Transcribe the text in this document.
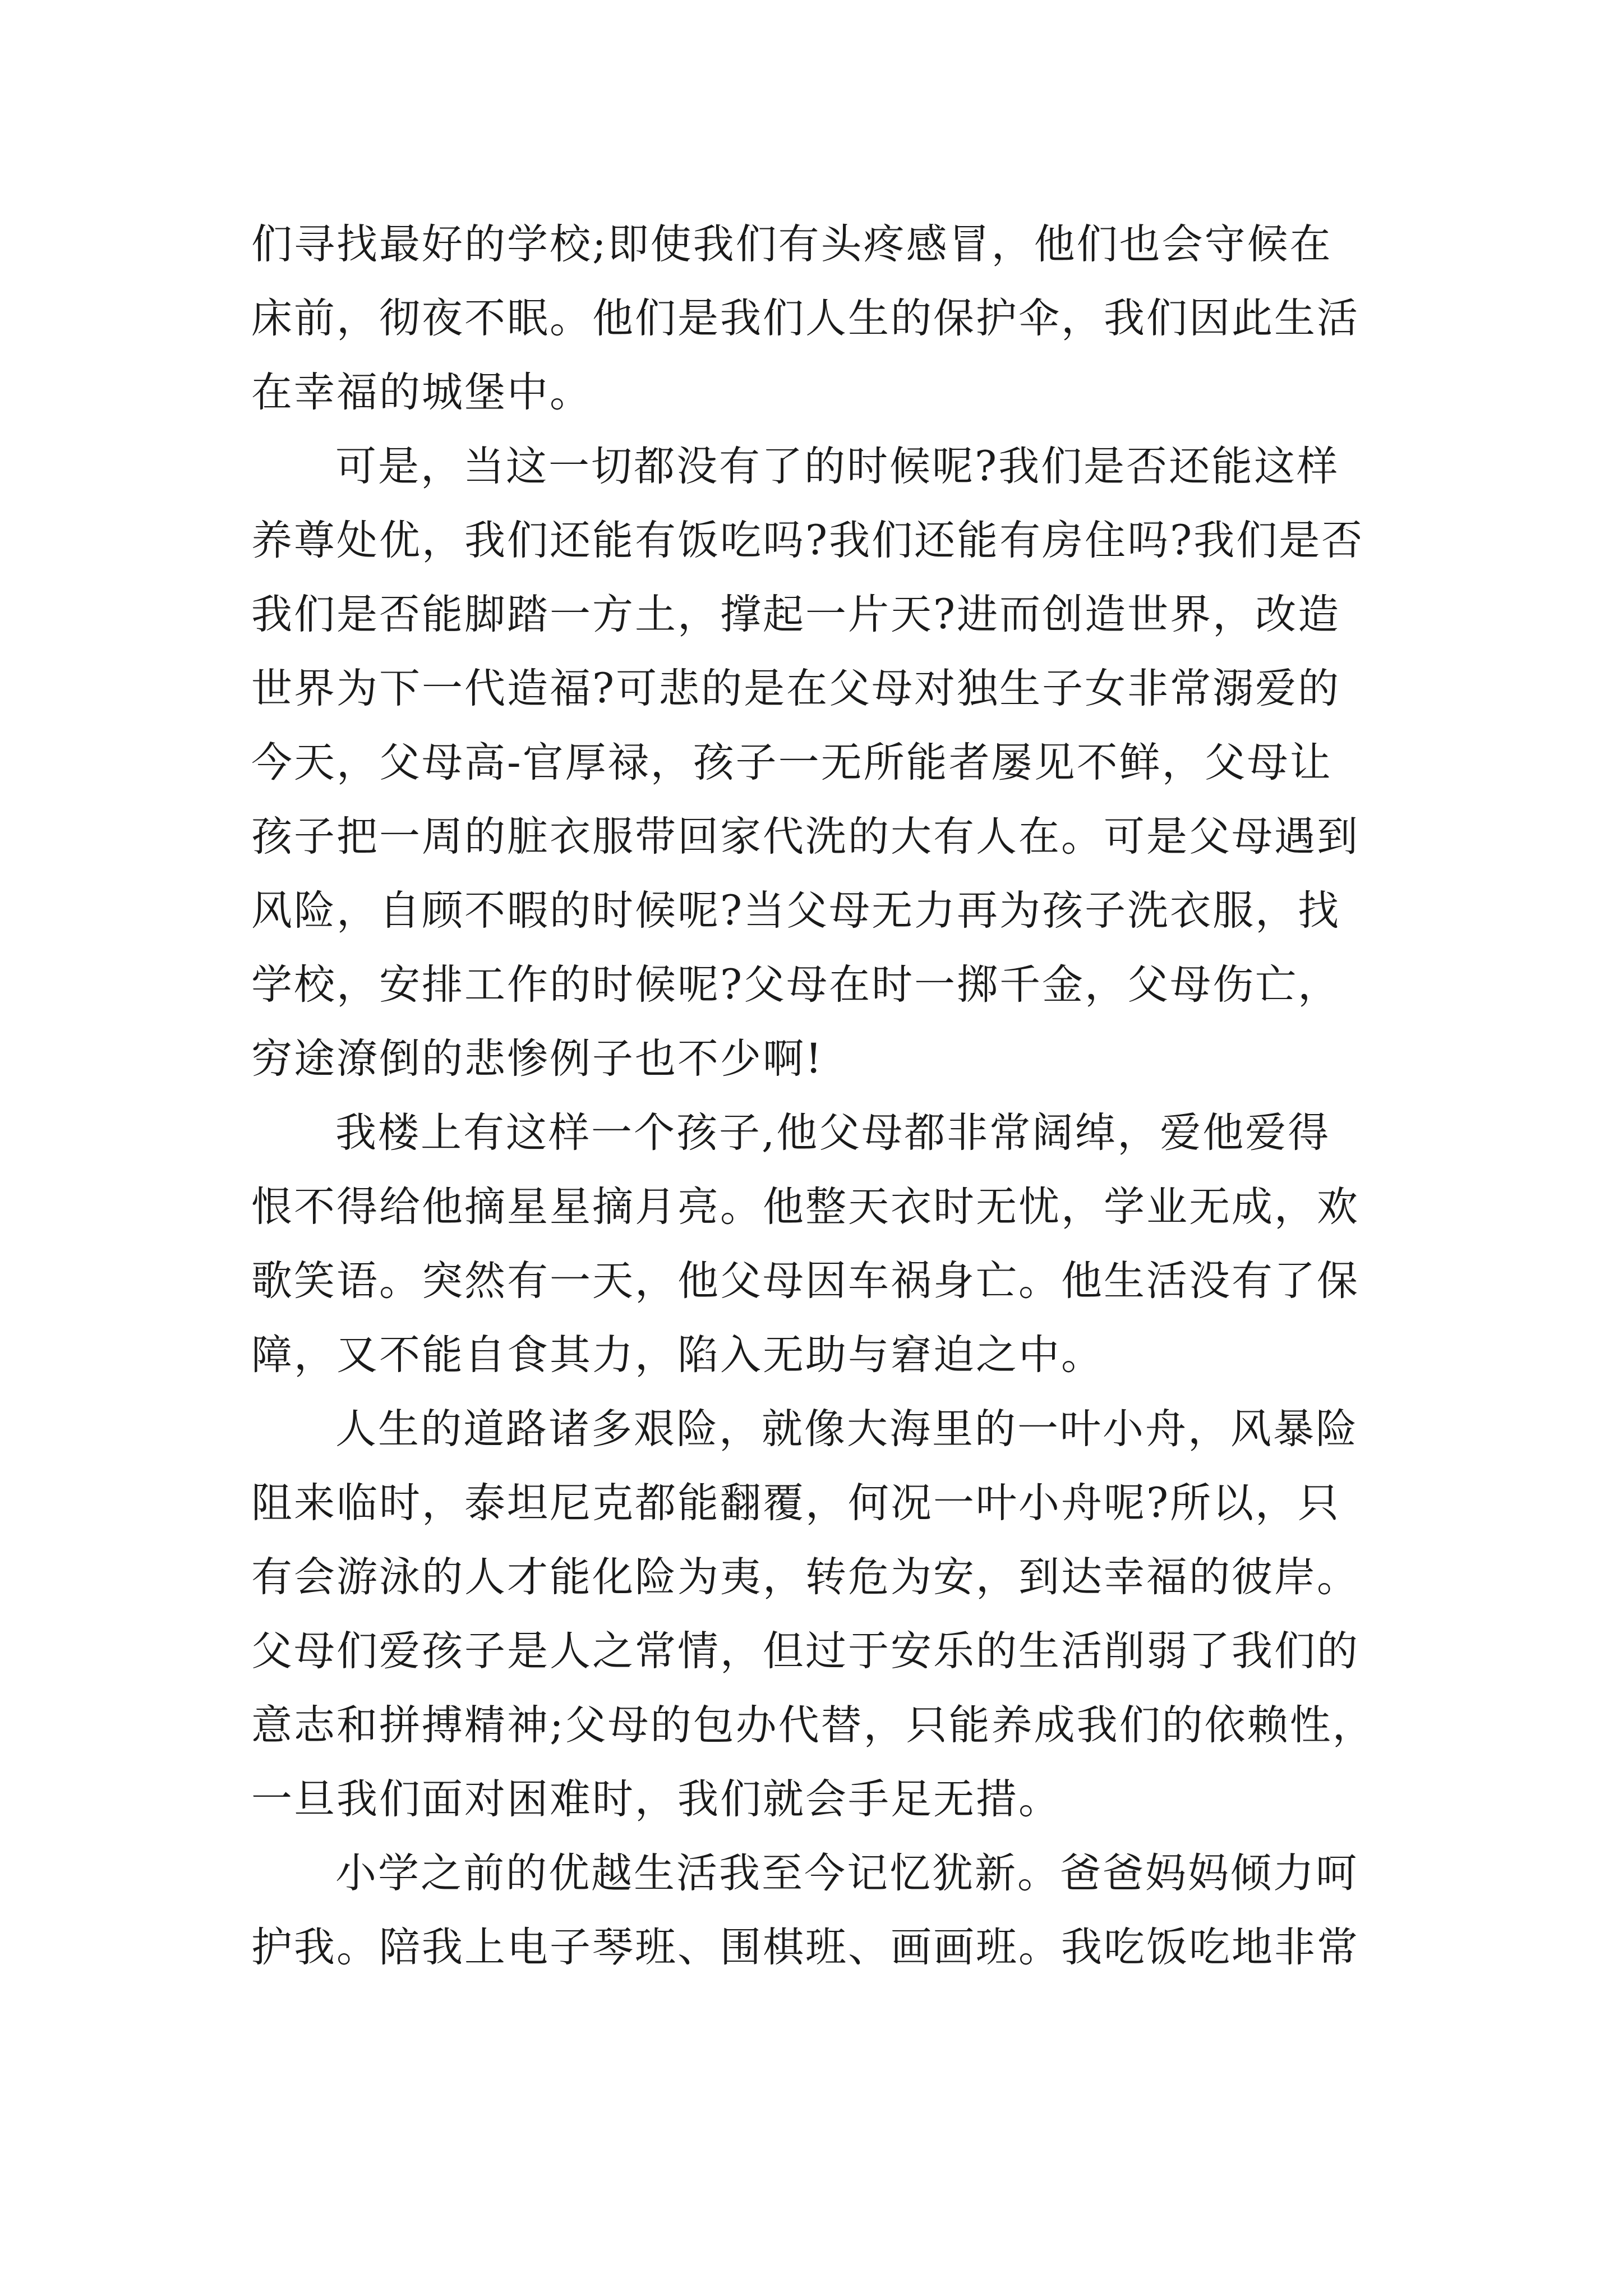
们寻找最好的学校;即使我们有头疼感冒，他们也会守候在
床前，彻夜不眠。他们是我们人生的保护伞，我们因此生活
在幸福的城堡中。
可是，当这一切都没有了的时候呢?我们是否还能这样
养尊处优，我们还能有饭吃吗?我们还能有房住吗?我们是否
我们是否能脚踏一方土，撑起一片天?进而创造世界，改造
世界为下一代造福?可悲的是在父母对独生子女非常溺爱的
今天，父母高-官厚禄，孩子一无所能者屡见不鲜，父母让
孩子把一周的脏衣服带回家代洗的大有人在。可是父母遇到
风险，自顾不暇的时候呢?当父母无力再为孩子洗衣服，找
学校，安排工作的时候呢?父母在时一掷千金，父母伤亡，
穷途潦倒的悲惨例子也不少啊!
我楼上有这样一个孩子,他父母都非常阔绰，爱他爱得
恨不得给他摘星星摘月亮。他整天衣时无忧，学业无成，欢
歌笑语。突然有一天，他父母因车祸身亡。他生活没有了保
障，又不能自食其力，陷入无助与窘迫之中。
人生的道路诸多艰险，就像大海里的一叶小舟，风暴险
阻来临时，泰坦尼克都能翻覆，何况一叶小舟呢?所以，只
有会游泳的人才能化险为夷，转危为安，到达幸福的彼岸。
父母们爱孩子是人之常情，但过于安乐的生活削弱了我们的
意志和拼搏精神;父母的包办代替，只能养成我们的依赖性，
一旦我们面对困难时，我们就会手足无措。
小学之前的优越生活我至今记忆犹新。爸爸妈妈倾力呵
护我。陪我上电子琴班、围棋班、画画班。我吃饭吃地非常
